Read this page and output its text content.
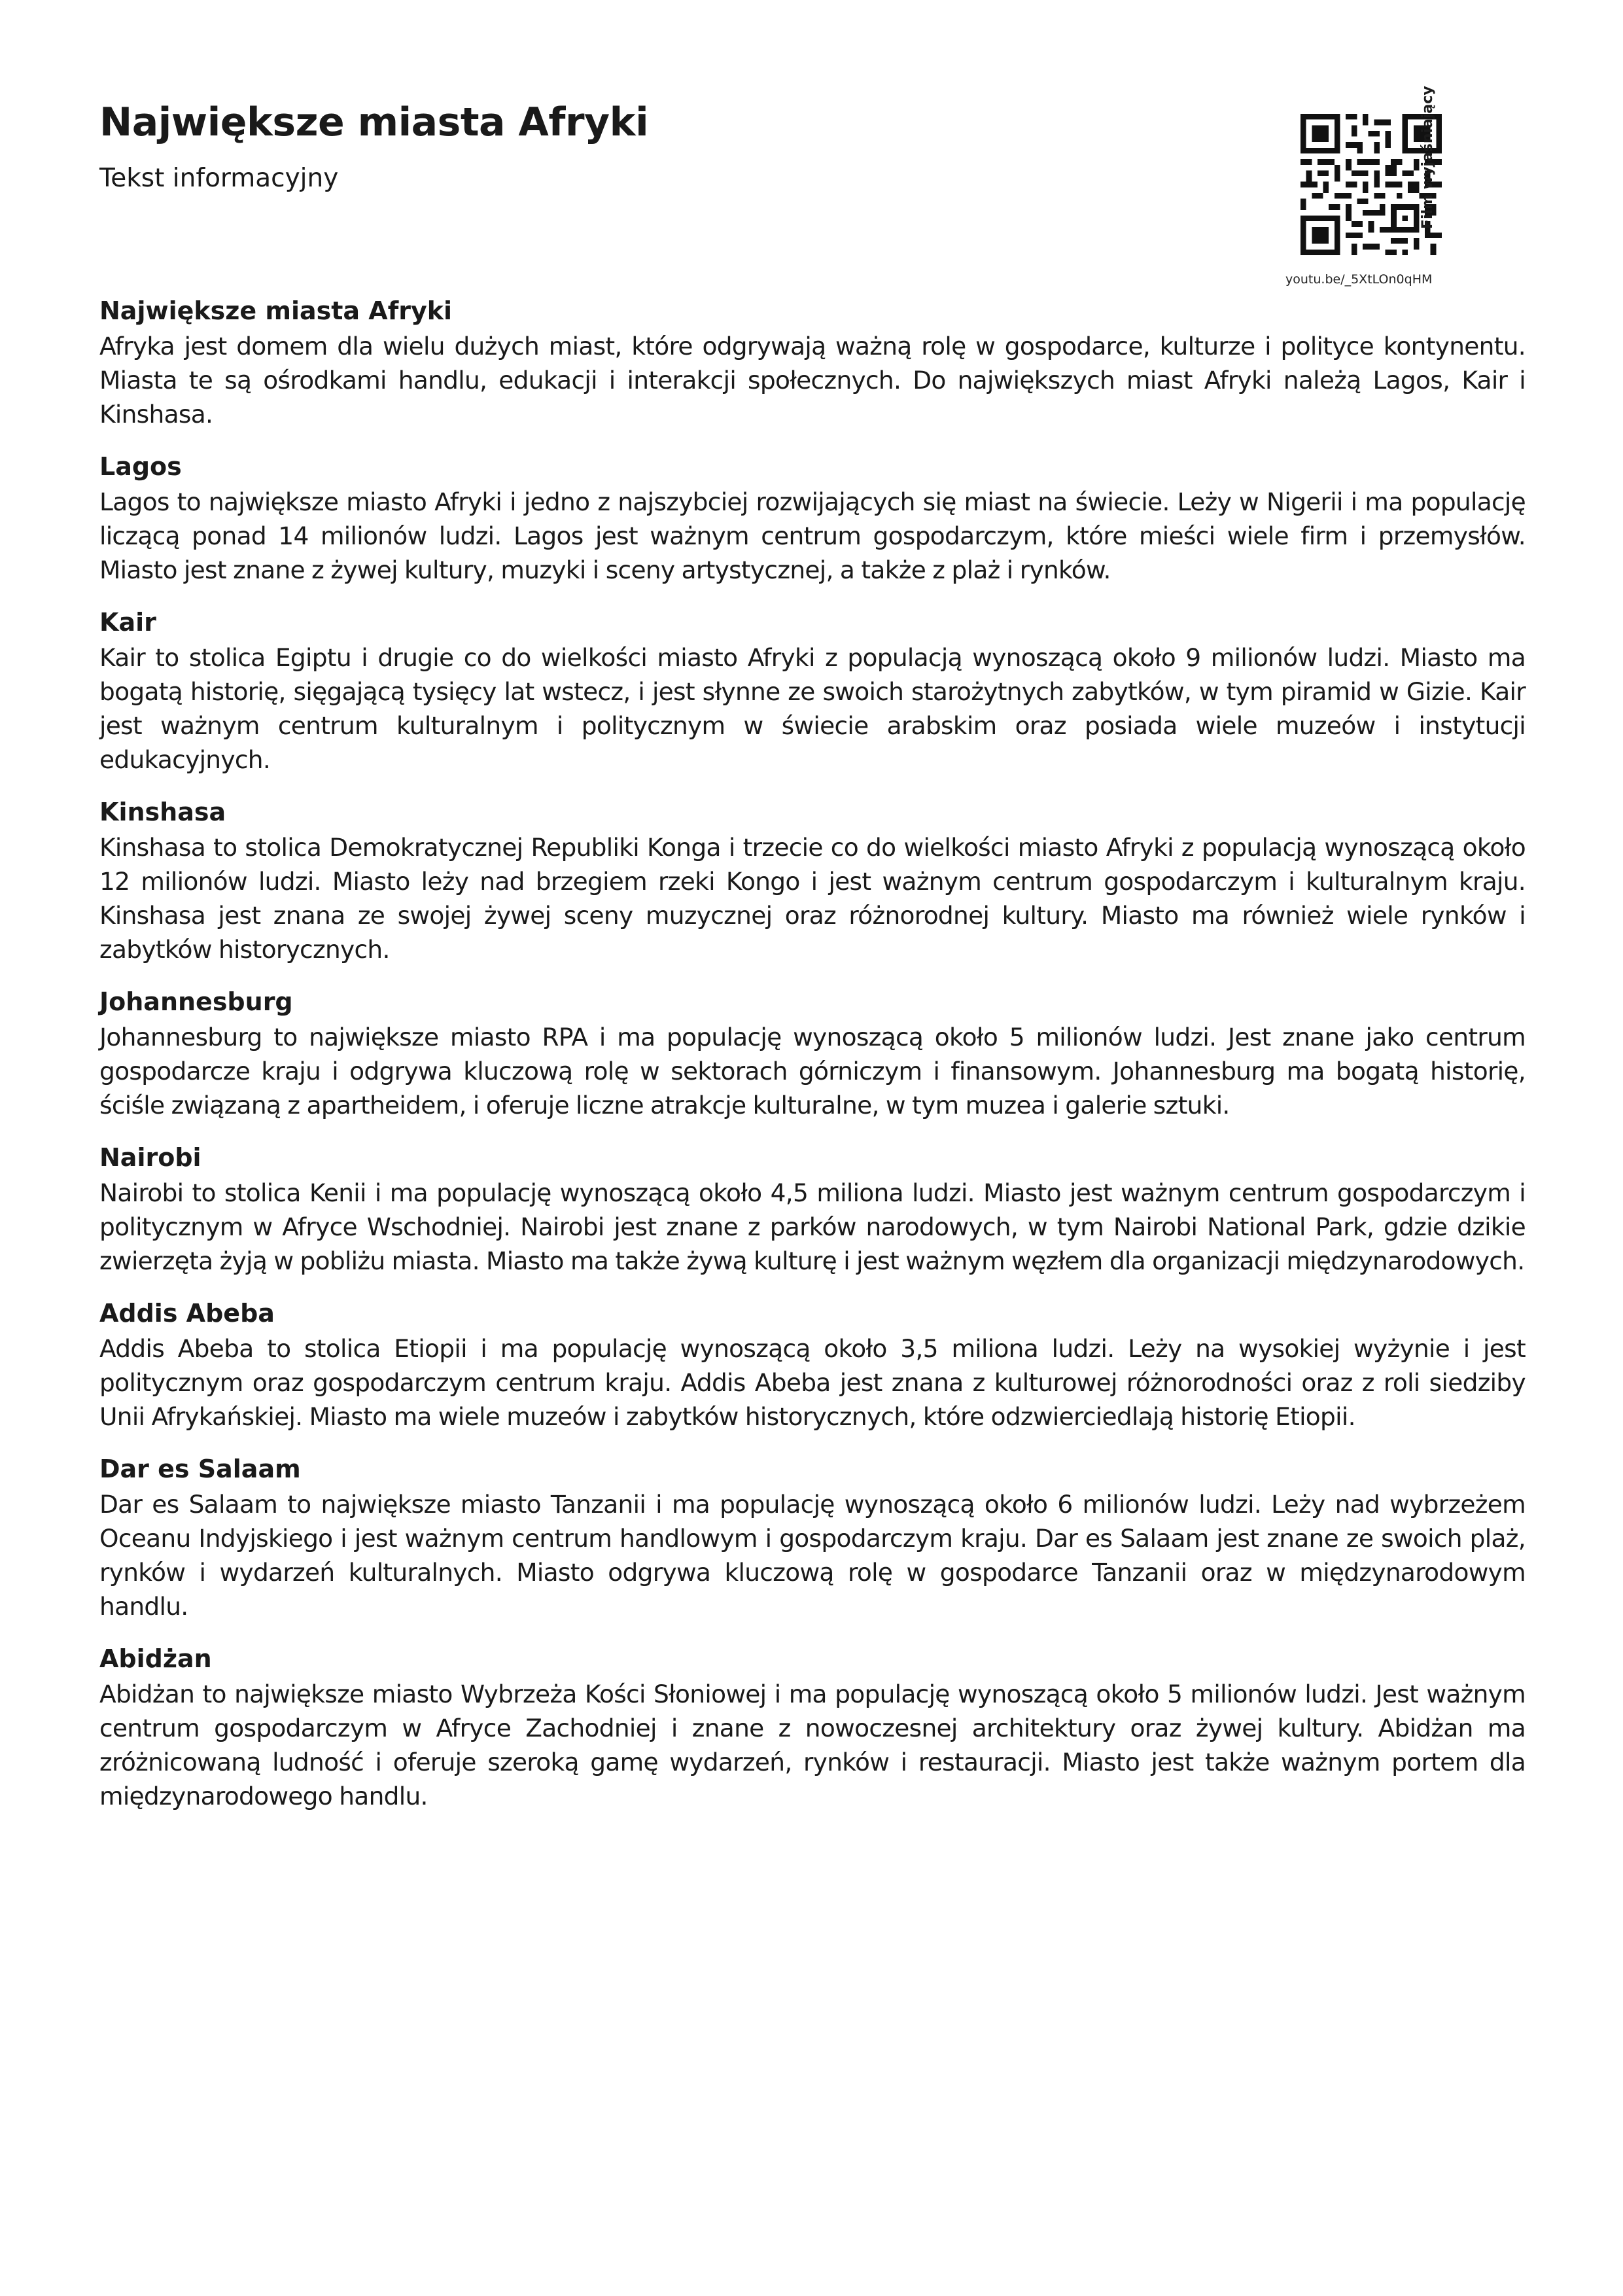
Największe miasta Afryki

Tekst informacyjny	Film wyjaśniający
youtu.be/_5XtLOn0qHM
Największe miasta Afryki

Afryka jest domem dla wielu dużych miast, które odgrywają ważną rolę w gospodarce, kulturze i polityce kontynentu. Miasta te są ośrodkami handlu, edukacji i interakcji społecznych. Do największych miast Afryki należą Lagos, Kair i Kinshasa.

Lagos

Lagos to największe miasto Afryki i jedno z najszybciej rozwijających się miast na świecie. Leży w Nigerii i ma populację liczącą ponad 14 milionów ludzi. Lagos jest ważnym centrum gospodarczym, które mieści wiele firm i przemysłów. Miasto jest znane z żywej kultury, muzyki i sceny artystycznej, a także z plaż i rynków.

Kair

Kair to stolica Egiptu i drugie co do wielkości miasto Afryki z populacją wynoszącą około 9 milionów ludzi. Miasto ma bogatą historię, sięgającą tysięcy lat wstecz, i jest słynne ze swoich starożytnych zabytków, w tym piramid w Gizie. Kair jest ważnym centrum kulturalnym i politycznym w świecie arabskim oraz posiada wiele muzeów i instytucji edukacyjnych.

Kinshasa

Kinshasa to stolica Demokratycznej Republiki Konga i trzecie co do wielkości miasto Afryki z populacją wynoszącą około 12 milionów ludzi. Miasto leży nad brzegiem rzeki Kongo i jest ważnym centrum gospodarczym i kulturalnym kraju. Kinshasa jest znana ze swojej żywej sceny muzycznej oraz różnorodnej kultury. Miasto ma również wiele rynków i zabytków historycznych.

Johannesburg

Johannesburg to największe miasto RPA i ma populację wynoszącą około 5 milionów ludzi. Jest znane jako centrum gospodarcze kraju i odgrywa kluczową rolę w sektorach górniczym i finansowym. Johannesburg ma bogatą historię, ściśle związaną z apartheidem, i oferuje liczne atrakcje kulturalne, w tym muzea i galerie sztuki.

Nairobi

Nairobi to stolica Kenii i ma populację wynoszącą około 4,5 miliona ludzi. Miasto jest ważnym centrum gospodarczym i politycznym w Afryce Wschodniej. Nairobi jest znane z parków narodowych, w tym Nairobi National Park, gdzie dzikie zwierzęta żyją w pobliżu miasta. Miasto ma także żywą kulturę i jest ważnym węzłem dla organizacji międzynarodowych.

Addis Abeba

Addis Abeba to stolica Etiopii i ma populację wynoszącą około 3,5 miliona ludzi. Leży na wysokiej wyżynie i jest politycznym oraz gospodarczym centrum kraju. Addis Abeba jest znana z kulturowej różnorodności oraz z roli siedziby Unii Afrykańskiej. Miasto ma wiele muzeów i zabytków historycznych, które odzwierciedlają historię Etiopii.

Dar es Salaam

Dar es Salaam to największe miasto Tanzanii i ma populację wynoszącą około 6 milionów ludzi. Leży nad wybrzeżem Oceanu Indyjskiego i jest ważnym centrum handlowym i gospodarczym kraju. Dar es Salaam jest znane ze swoich plaż, rynków i wydarzeń kulturalnych. Miasto odgrywa kluczową rolę w gospodarce Tanzanii oraz w międzynarodowym handlu.

Abidżan

Abidżan to największe miasto Wybrzeża Kości Słoniowej i ma populację wynoszącą około 5 milionów ludzi. Jest ważnym centrum gospodarczym w Afryce Zachodniej i znane z nowoczesnej architektury oraz żywej kultury. Abidżan ma zróżnicowaną ludność i oferuje szeroką gamę wydarzeń, rynków i restauracji. Miasto jest także ważnym portem dla międzynarodowego handlu.
